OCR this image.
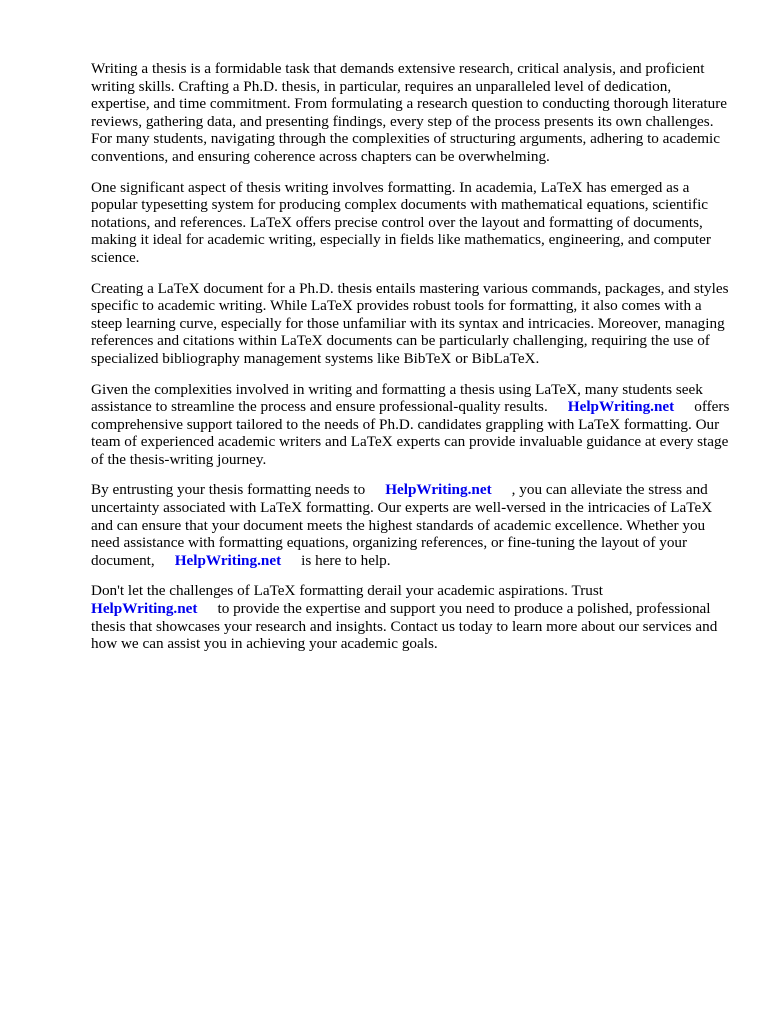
Writing a thesis is a formidable task that demands extensive research, critical analysis, and proficient writing skills. Crafting a Ph.D. thesis, in particular, requires an unparalleled level of dedication, expertise, and time commitment. From formulating a research question to conducting thorough literature reviews, gathering data, and presenting findings, every step of the process presents its own challenges. For many students, navigating through the complexities of structuring arguments, adhering to academic conventions, and ensuring coherence across chapters can be overwhelming.

One significant aspect of thesis writing involves formatting. In academia, LaTeX has emerged as a popular typesetting system for producing complex documents with mathematical equations, scientific notations, and references. LaTeX offers precise control over the layout and formatting of documents, making it ideal for academic writing, especially in fields like mathematics, engineering, and computer science.

Creating a LaTeX document for a Ph.D. thesis entails mastering various commands, packages, and styles specific to academic writing. While LaTeX provides robust tools for formatting, it also comes with a steep learning curve, especially for those unfamiliar with its syntax and intricacies. Moreover, managing references and citations within LaTeX documents can be particularly challenging, requiring the use of specialized bibliography management systems like BibTeX or BibLaTeX.

Given the complexities involved in writing and formatting a thesis using LaTeX, many students seek assistance to streamline the process and ensure professional-quality results. HelpWriting.net offers comprehensive support tailored to the needs of Ph.D. candidates grappling with LaTeX formatting. Our team of experienced academic writers and LaTeX experts can provide invaluable guidance at every stage of the thesis-writing journey.

By entrusting your thesis formatting needs to HelpWriting.net , you can alleviate the stress and uncertainty associated with LaTeX formatting. Our experts are well-versed in the intricacies of LaTeX and can ensure that your document meets the highest standards of academic excellence. Whether you need assistance with formatting equations, organizing references, or fine-tuning the layout of your document, HelpWriting.net is here to help.

Don't let the challenges of LaTeX formatting derail your academic aspirations. Trust
HelpWriting.net to provide the expertise and support you need to produce a polished, professional thesis that showcases your research and insights. Contact us today to learn more about our services and how we can assist you in achieving your academic goals.
